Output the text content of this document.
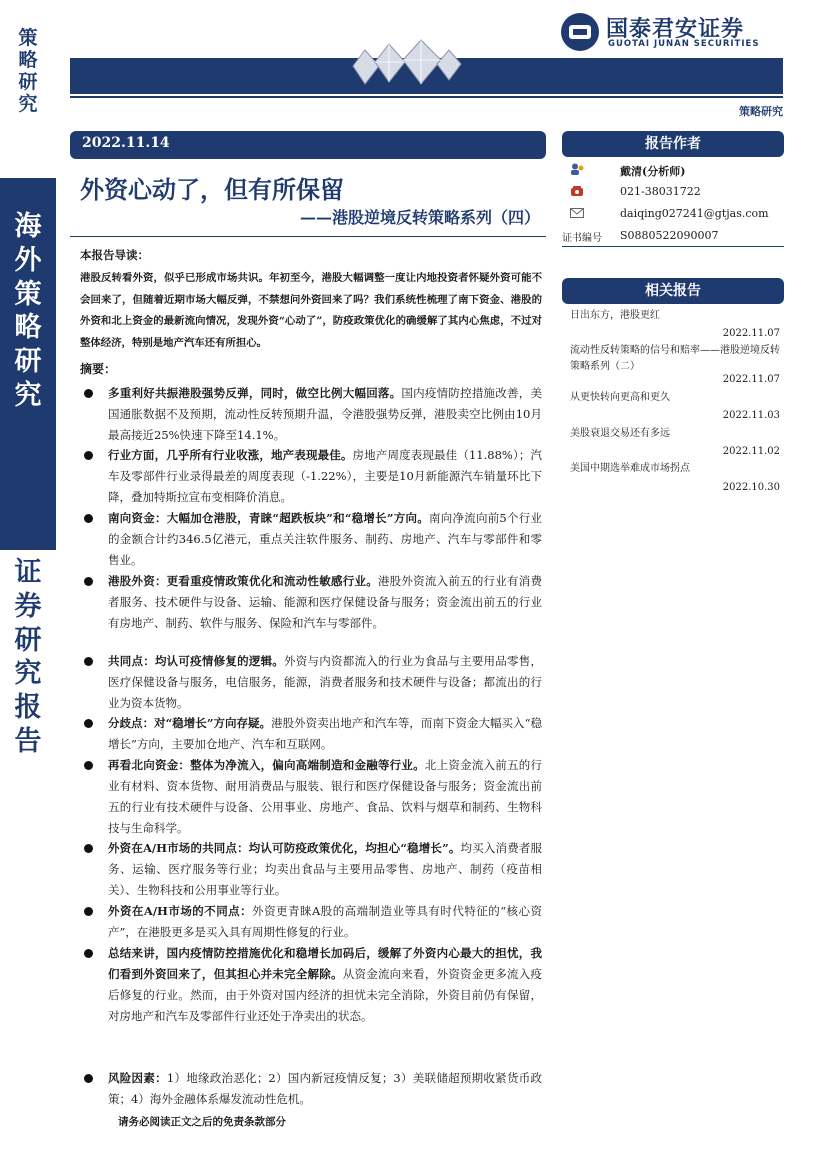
策
略
研
究
海
外
策
略
研
究
证
券
研
究
报
告
国泰君安证券
GUOTAI JUNAN SECURITIES
策略研究
2022.11.14
外资心动了，但有所保留
——港股逆境反转策略系列（四）
本报告导读：
港股反转看外资，似乎已形成市场共识。年初至今，港股大幅调整一度让内地投资者怀疑外资可能不会回来了，但随着近期市场大幅反弹，不禁想问外资回来了吗？我们系统性梳理了南下资金、港股的外资和北上资金的最新流向情况，发现外资“心动了”，防疫政策优化的确缓解了其内心焦虑，不过对整体经济，特别是地产汽车还有所担心。
摘要：
多重利好共振港股强势反弹，同时，做空比例大幅回落。国内疫情防控措施改善，美国通胀数据不及预期，流动性反转预期升温，令港股强势反弹，港股卖空比例由10月最高接近25%快速下降至14.1%。
行业方面，几乎所有行业收涨，地产表现最佳。房地产周度表现最佳（11.88%）；汽车及零部件行业录得最差的周度表现（-1.22%），主要是10月新能源汽车销量环比下降，叠加特斯拉宣布变相降价消息。
南向资金：大幅加仓港股，青睐“超跌板块”和“稳增长”方向。南向净流向前5个行业的金额合计约346.5亿港元，重点关注软件服务、制药、房地产、汽车与零部件和零售业。
港股外资：更看重疫情政策优化和流动性敏感行业。港股外资流入前五的行业有消费者服务、技术硬件与设备、运输、能源和医疗保健设备与服务；资金流出前五的行业有房地产、制药、软件与服务、保险和汽车与零部件。
共同点：均认可疫情修复的逻辑。外资与内资都流入的行业为食品与主要用品零售，医疗保健设备与服务，电信服务，能源，消费者服务和技术硬件与设备；都流出的行业为资本货物。
分歧点：对“稳增长”方向存疑。港股外资卖出地产和汽车等，而南下资金大幅买入“稳增长”方向，主要加仓地产、汽车和互联网。
再看北向资金：整体为净流入，偏向高端制造和金融等行业。北上资金流入前五的行业有材料、资本货物、耐用消费品与服装、银行和医疗保健设备与服务；资金流出前五的行业有技术硬件与设备、公用事业、房地产、食品、饮料与烟草和制药、生物科技与生命科学。
外资在A/H市场的共同点：均认可防疫政策优化，均担心“稳增长”。均买入消费者服务、运输、医疗服务等行业；均卖出食品与主要用品零售、房地产、制药（疫苗相关）、生物科技和公用事业等行业。
外资在A/H市场的不同点：外资更青睐A股的高端制造业等具有时代特征的“核心资产”，在港股更多是买入具有周期性修复的行业。
总结来讲，国内疫情防控措施优化和稳增长加码后，缓解了外资内心最大的担忧，我们看到外资回来了，但其担心并未完全解除。从资金流向来看，外资资金更多流入疫后修复的行业。然而，由于外资对国内经济的担忧未完全消除，外资目前仍有保留，对房地产和汽车及零部件行业还处于净卖出的状态。
风险因素：1）地缘政治恶化；2）国内新冠疫情反复；3）美联储超预期收紧货币政策；4）海外金融体系爆发流动性危机。
请务必阅读正文之后的免责条款部分
报告作者
戴清(分析师)
021-38031722
daiqing027241@gtjas.com
证书编号 S0880522090007
相关报告
日出东方，港股更红
2022.11.07
流动性反转策略的信号和赔率——港股逆境反转策略系列（二）
2022.11.07
从更快转向更高和更久
2022.11.03
美股衰退交易还有多远
2022.11.02
美国中期选举难成市场拐点
2022.10.30
